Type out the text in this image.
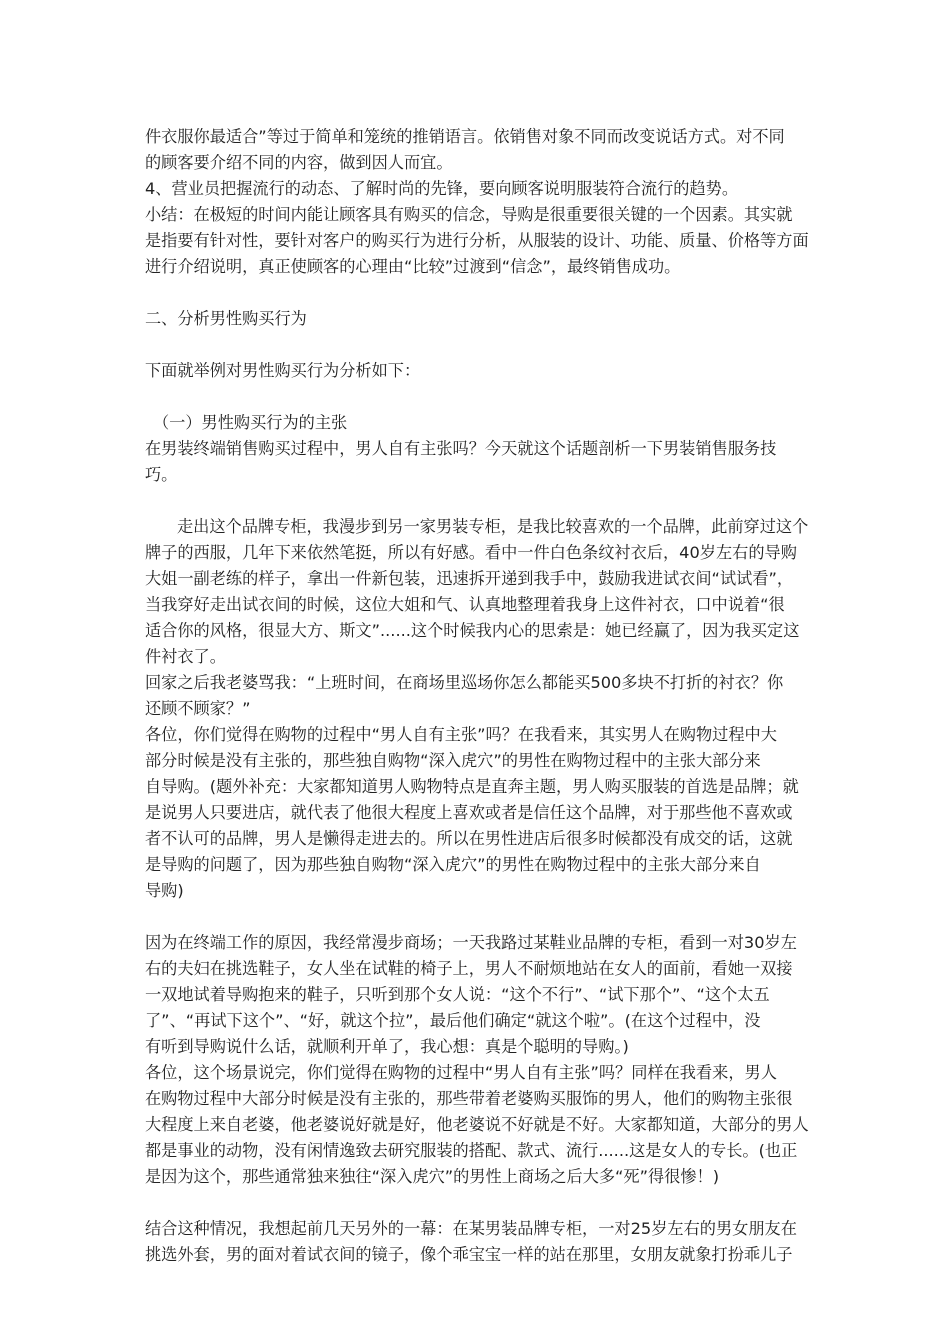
件衣服你最适合”等过于简单和笼统的推销语言。依销售对象不同而改变说话方式。对不同
的顾客要介绍不同的内容，做到因人而宜。
4、营业员把握流行的动态、了解时尚的先锋，要向顾客说明服装符合流行的趋势。
小结：在极短的时间内能让顾客具有购买的信念，导购是很重要很关键的一个因素。其实就
是指要有针对性，要针对客户的购买行为进行分析，从服装的设计、功能、质量、价格等方面
进行介绍说明，真正使顾客的心理由“比较”过渡到“信念”，最终销售成功。
二、分析男性购买行为
下面就举例对男性购买行为分析如下：
（一）男性购买行为的主张
在男装终端销售购买过程中，男人自有主张吗？今天就这个话题剖析一下男装销售服务技
巧。
走出这个品牌专柜，我漫步到另一家男装专柜，是我比较喜欢的一个品牌，此前穿过这个
牌子的西服，几年下来依然笔挺，所以有好感。看中一件白色条纹衬衣后，40岁左右的导购
大姐一副老练的样子，拿出一件新包装，迅速拆开递到我手中，鼓励我进试衣间“试试看”，
当我穿好走出试衣间的时候，这位大姐和气、认真地整理着我身上这件衬衣，口中说着“很
适合你的风格，很显大方、斯文”......这个时候我内心的思索是：她已经赢了，因为我买定这
件衬衣了。
回家之后我老婆骂我：“上班时间，在商场里巡场你怎么都能买500多块不打折的衬衣？你
还顾不顾家？”
各位，你们觉得在购物的过程中“男人自有主张”吗？在我看来，其实男人在购物过程中大
部分时候是没有主张的，那些独自购物“深入虎穴”的男性在购物过程中的主张大部分来
自导购。(题外补充：大家都知道男人购物特点是直奔主题，男人购买服装的首选是品牌；就
是说男人只要进店，就代表了他很大程度上喜欢或者是信任这个品牌，对于那些他不喜欢或
者不认可的品牌，男人是懒得走进去的。所以在男性进店后很多时候都没有成交的话，这就
是导购的问题了，因为那些独自购物“深入虎穴”的男性在购物过程中的主张大部分来自
导购)
因为在终端工作的原因，我经常漫步商场；一天我路过某鞋业品牌的专柜，看到一对30岁左
右的夫妇在挑选鞋子，女人坐在试鞋的椅子上，男人不耐烦地站在女人的面前，看她一双接
一双地试着导购抱来的鞋子，只听到那个女人说：“这个不行”、“试下那个”、“这个太五
了”、“再试下这个”、“好，就这个拉”，最后他们确定“就这个啦”。(在这个过程中，没
有听到导购说什么话，就顺利开单了，我心想：真是个聪明的导购。)
各位，这个场景说完，你们觉得在购物的过程中“男人自有主张”吗？同样在我看来，男人
在购物过程中大部分时候是没有主张的，那些带着老婆购买服饰的男人，他们的购物主张很
大程度上来自老婆，他老婆说好就是好，他老婆说不好就是不好。大家都知道，大部分的男人
都是事业的动物，没有闲情逸致去研究服装的搭配、款式、流行......这是女人的专长。(也正
是因为这个，那些通常独来独往“深入虎穴”的男性上商场之后大多“死”得很惨！)
结合这种情况，我想起前几天另外的一幕：在某男装品牌专柜，一对25岁左右的男女朋友在
挑选外套，男的面对着试衣间的镜子，像个乖宝宝一样的站在那里，女朋友就象打扮乖儿子
